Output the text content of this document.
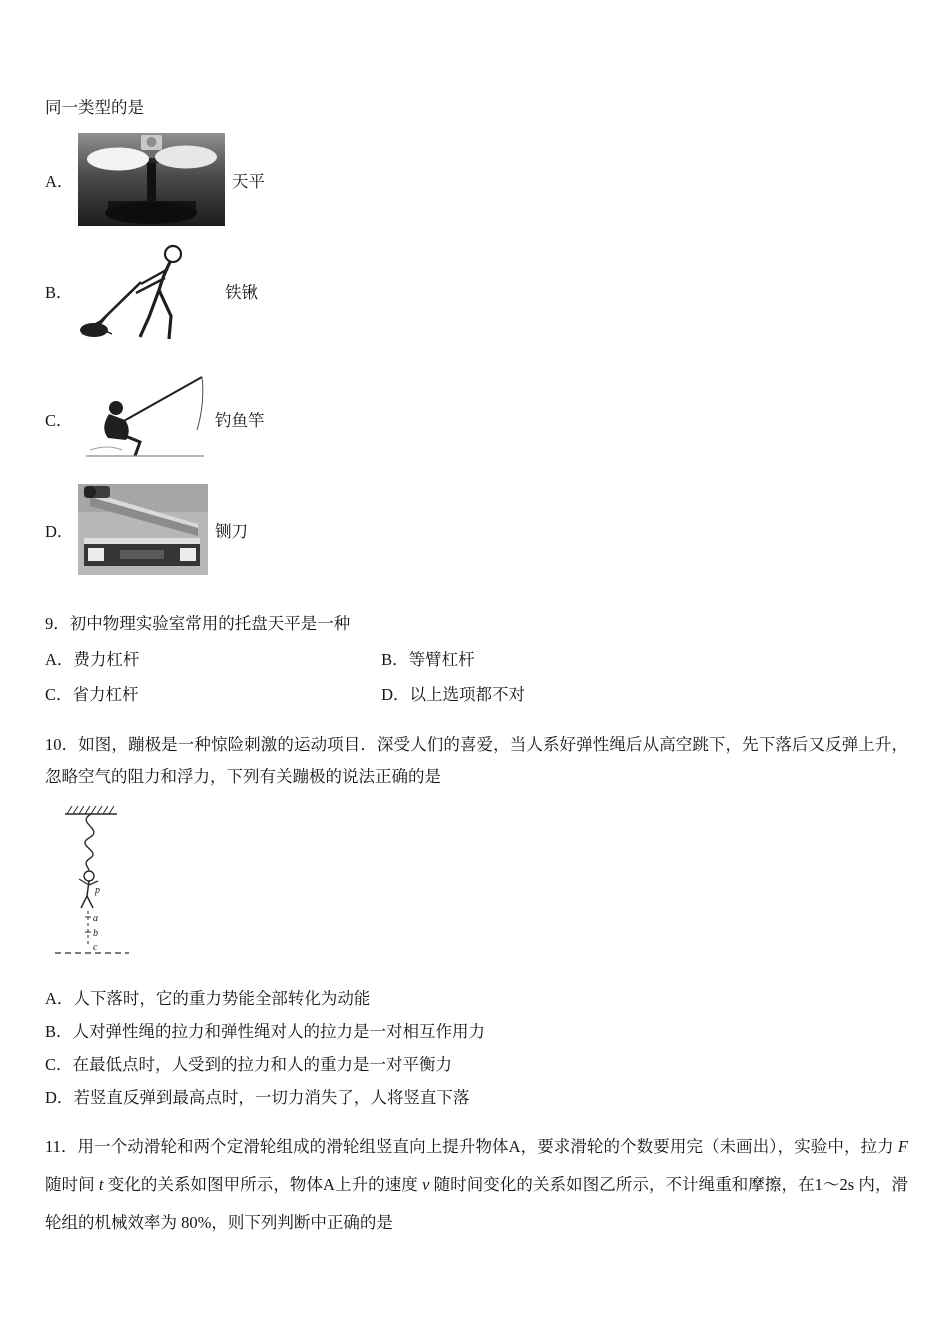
同一类型的是

A．	天平
B．	铁锹
C．	钓鱼竿
D．	铡刀

9．初中物理实验室常用的托盘天平是一种

A．费力杠杆	B．等臂杠杆
C．省力杠杆	D．以上选项都不对

10．如图，蹦极是一种惊险刺激的运动项目．深受人们的喜爱，当人系好弹性绳后从高空跳下，先下落后又反弹上升，忽略空气的阻力和浮力，下列有关蹦极的说法正确的是

p
a
b
c

A．人下落时，它的重力势能全部转化为动能

B．人对弹性绳的拉力和弹性绳对人的拉力是一对相互作用力

C．在最低点时，人受到的拉力和人的重力是一对平衡力

D．若竖直反弹到最高点时，一切力消失了，人将竖直下落

11．用一个动滑轮和两个定滑轮组成的滑轮组竖直向上提升物体A，要求滑轮的个数要用完（未画出），实验中，拉力 F 随时间 t 变化的关系如图甲所示，物体A上升的速度 v 随时间变化的关系如图乙所示，不计绳重和摩擦，在1～2s 内，滑轮组的机械效率为 80%，则下列判断中正确的是
